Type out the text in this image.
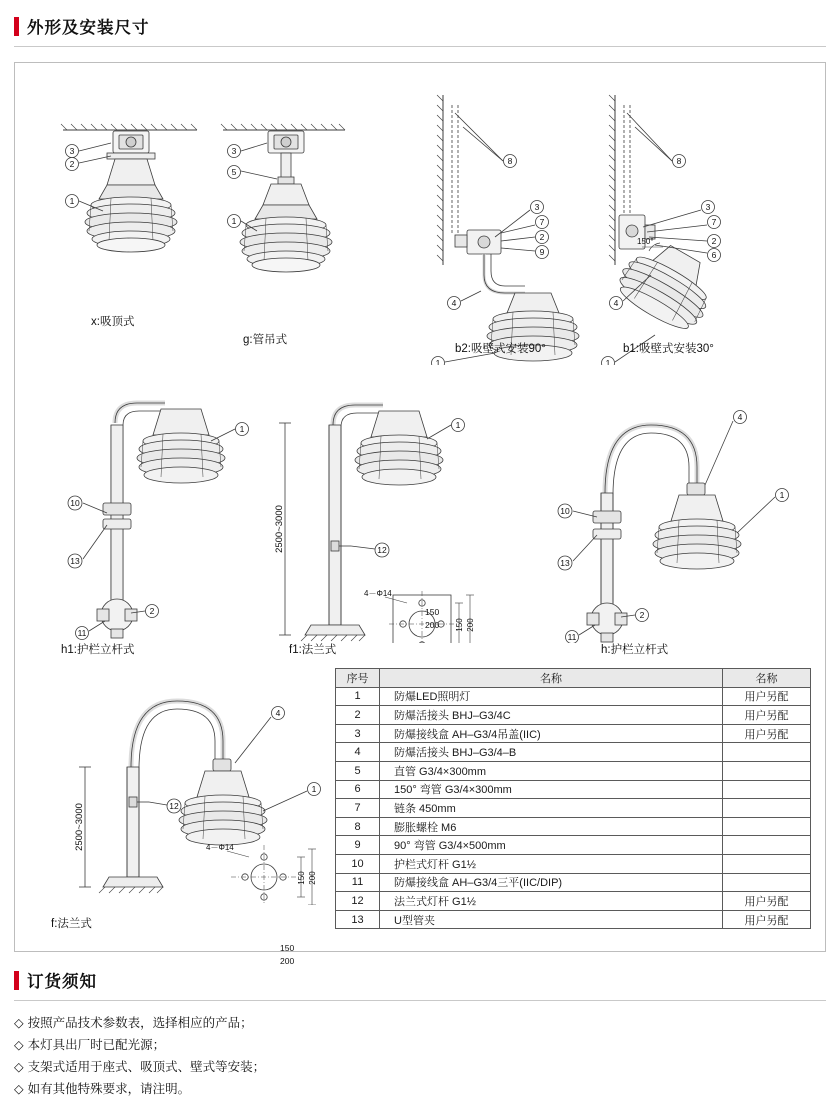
外形及安装尺寸
3
2
1
3
5
1
8
7
2
9
3
4
1
8
7
2
6
3
4
1
150°
x:吸顶式
g:管吊式
b2:吸壁式安装90°	b1:吸壁式安装30°
10
13
2
11
1	1
12
2500~3000
4－Φ14
150 200
4
1
10
13
2
11
h1:护栏立杆式	f1:法兰式	h:护栏立杆式
4
1
12
2500~3000	4－Φ14
150 200
150
200
150
200
f:法兰式
序号	名称	名称
1	防爆LED照明灯	用户另配
2	防爆活接头 BHJ–G3/4C	用户另配
3	防爆接线盒 AH–G3/4吊盖(IIC)	用户另配
4	防爆活接头 BHJ–G3/4–B	
5	直管 G3/4×300mm	
6	150° 弯管 G3/4×300mm	
7	链条 450mm	
8	膨胀螺栓 M6	
9	90° 弯管 G3/4×500mm	
10	护栏式灯杆 G1½	
11	防爆接线盒 AH–G3/4三平(IIC/DIP)	
12	法兰式灯杆 G1½	用户另配
13	U型管夹	用户另配
订货须知
◇ 按照产品技术参数表，选择相应的产品；
◇ 本灯具出厂时已配光源；
◇ 支架式适用于座式、吸顶式、壁式等安装；
◇ 如有其他特殊要求，请注明。
